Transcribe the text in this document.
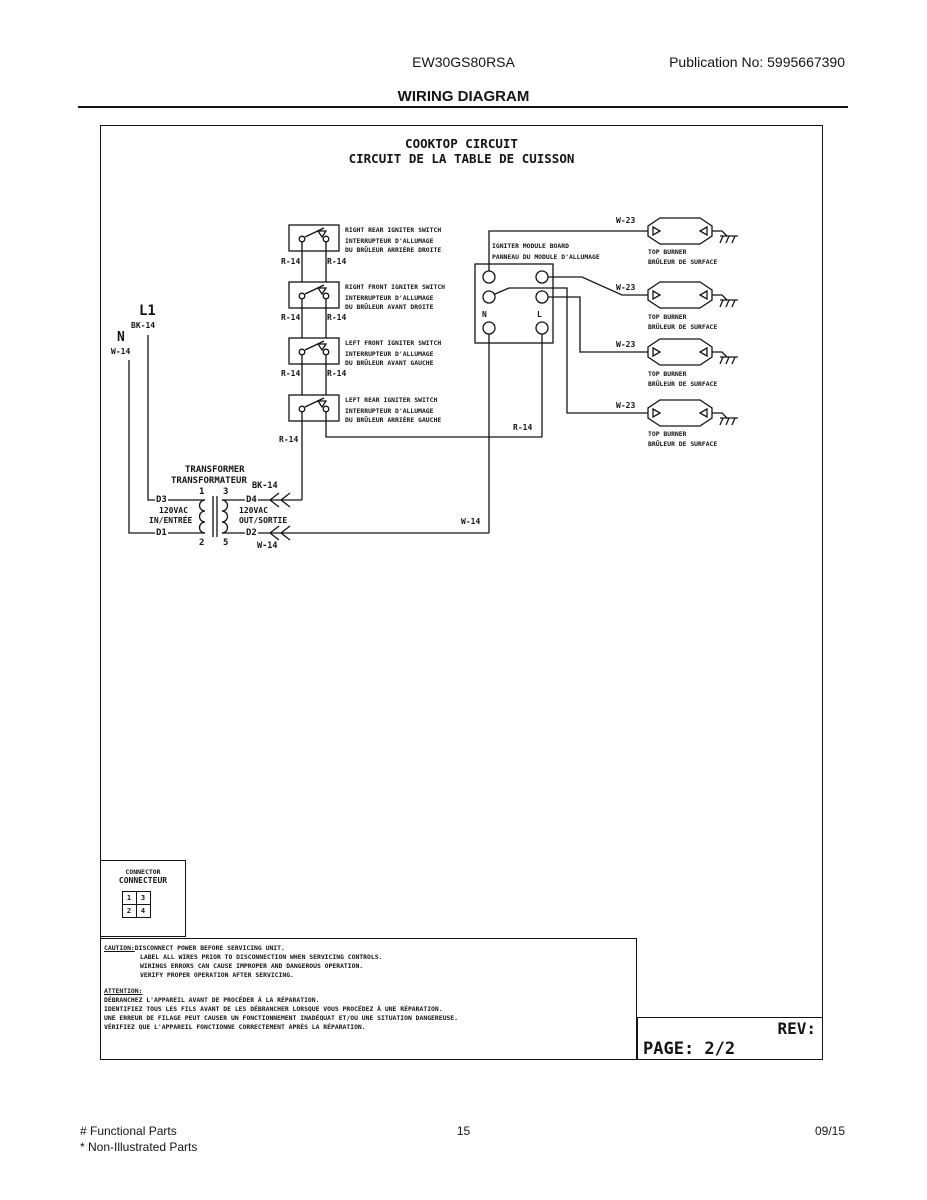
EW30GS80RSA	Publication No: 5995667390
WIRING DIAGRAM
COOKTOP CIRCUIT
CIRCUIT DE LA TABLE DE CUISSON
L1
BK-14
N
W-14
RIGHT REAR IGNITER SWITCH
INTERRUPTEUR D'ALLUMAGE
DU BRÛLEUR ARRIÈRE DROITE
RIGHT FRONT IGNITER SWITCH
INTERRUPTEUR D'ALLUMAGE
DU BRÛLEUR AVANT DROITE
LEFT FRONT IGNITER SWITCH
INTERRUPTEUR D'ALLUMAGE
DU BRÛLEUR AVANT GAUCHE
LEFT REAR IGNITER SWITCH
INTERRUPTEUR D'ALLUMAGE
DU BRÛLEUR ARRIÈRE GAUCHE
R-14	R-14
R-14	R-14
R-14	R-14
R-14
R-14
IGNITER MODULE BOARD
PANNEAU DU MODULE D'ALLUMAGE
N	L
W-23
W-23
W-23
W-23
TOP BURNER
BRÛLEUR DE SURFACE
TOP BURNER
BRÛLEUR DE SURFACE
TOP BURNER
BRÛLEUR DE SURFACE
TOP BURNER
BRÛLEUR DE SURFACE
TRANSFORMER
TRANSFORMATEUR BK-14
1 3
D3	D4
120VAC
IN/ENTRÉE
120VAC
OUT/SORTIE
D1	D2
2 5	W-14
W-14
CONNECTOR
CONNECTEUR
1	3
2	4
CAUTION:DISCONNECT POWER BEFORE SERVICING UNIT.
LABEL ALL WIRES PRIOR TO DISCONNECTION WHEN SERVICING CONTROLS.
WIRINGS ERRORS CAN CAUSE IMPROPER AND DANGEROUS OPERATION.
VERIFY PROPER OPERATION AFTER SERVICING.
ATTENTION:
DÉBRANCHEZ L'APPAREIL AVANT DE PROCÉDER À LA RÉPARATION.
IDENTIFIEZ TOUS LES FILS AVANT DE LES DÉBRANCHER LORSQUE VOUS PROCÉDEZ À UNE RÉPARATION.
UNE ERREUR DE FILAGE PEUT CAUSER UN FONCTIONNEMENT INADÉQUAT ET/OU UNE SITUATION DANGEREUSE.
VÉRIFIEZ QUE L'APPAREIL FONCTIONNE CORRECTEMENT APRÈS LA RÉPARATION.	REV:
PAGE: 2/2
# Functional Parts
* Non-Illustrated Parts
15	09/15
